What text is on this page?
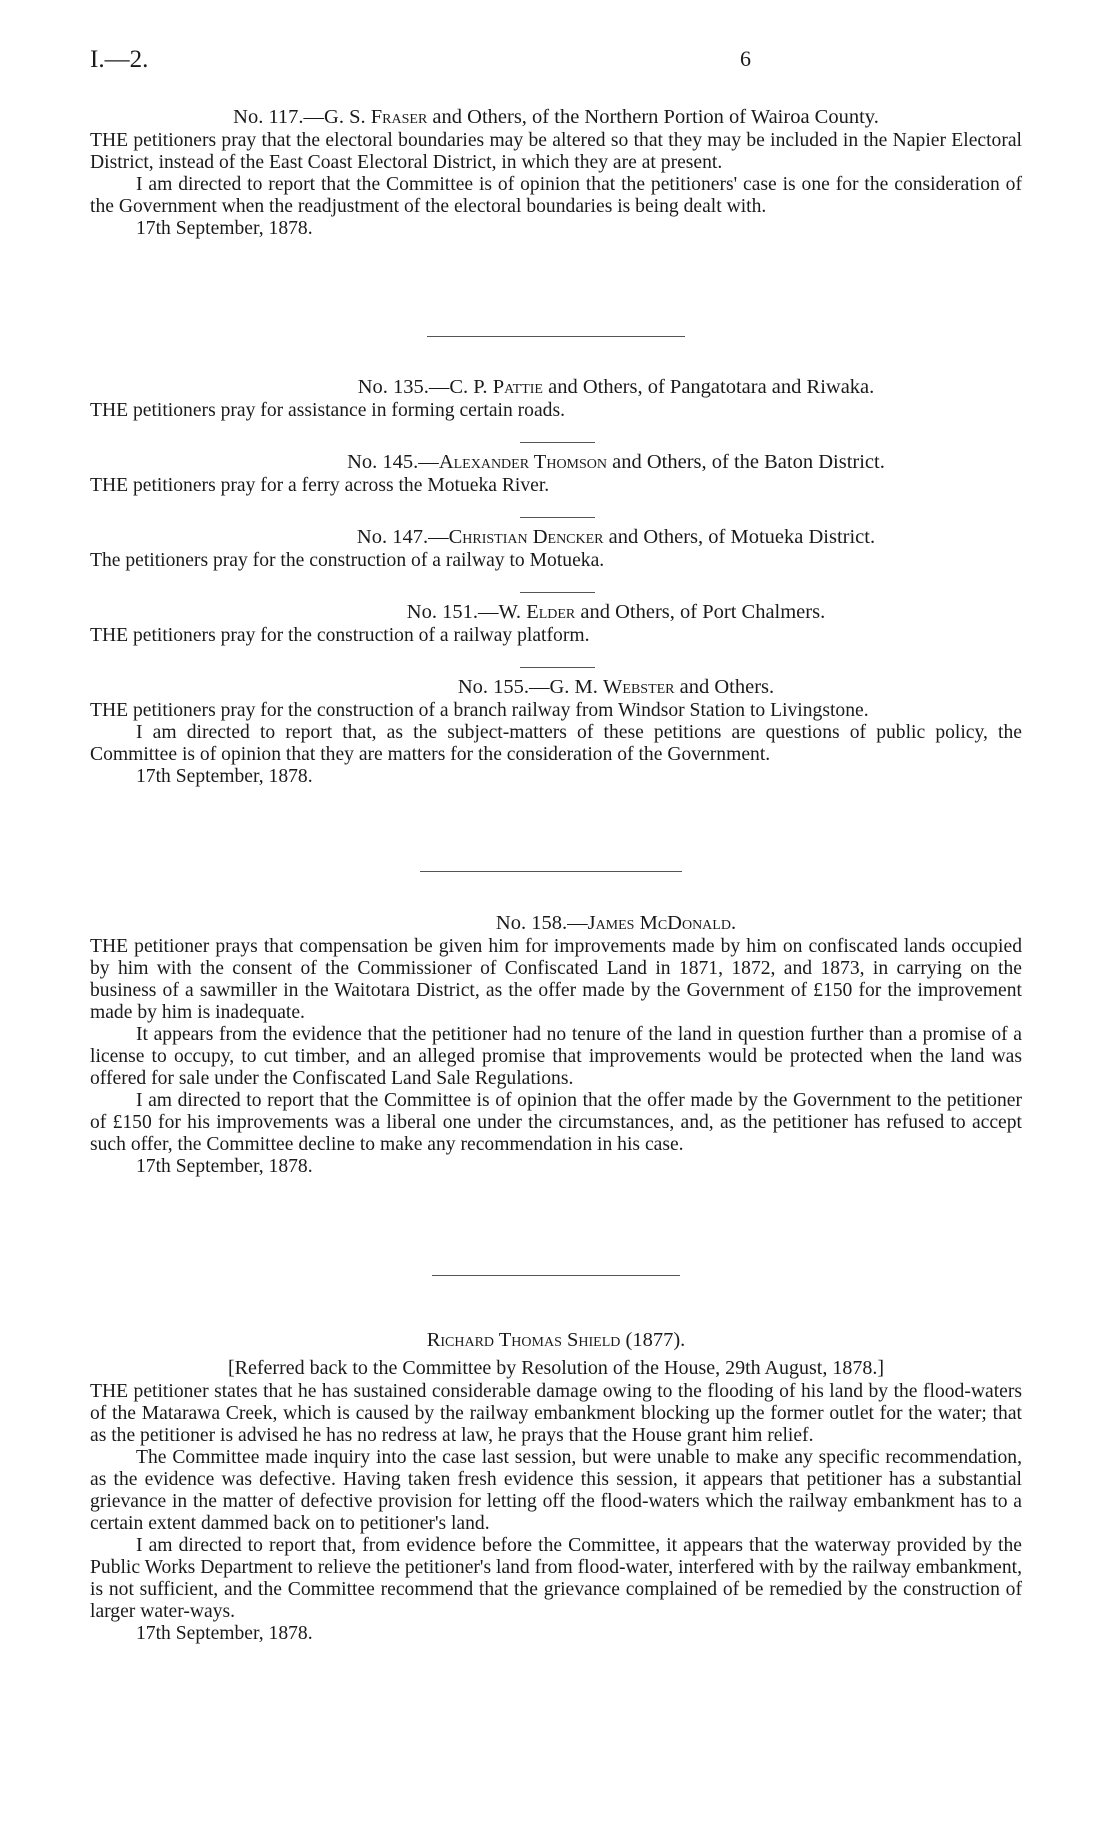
I.—2.	6
No. 117.—G. S. Fraser and Others, of the Northern Portion of Wairoa County.

THE petitioners pray that the electoral boundaries may be altered so that they may be included in the Napier Electoral District, instead of the East Coast Electoral District, in which they are at present.

I am directed to report that the Committee is of opinion that the petitioners' case is one for the consideration of the Government when the readjustment of the electoral boundaries is being dealt with.

17th September, 1878.
No. 135.—C. P. Pattie and Others, of Pangatotara and Riwaka.

THE petitioners pray for assistance in forming certain roads.

No. 145.—Alexander Thomson and Others, of the Baton District.

THE petitioners pray for a ferry across the Motueka River.

No. 147.—Christian Dencker and Others, of Motueka District.

The petitioners pray for the construction of a railway to Motueka.

No. 151.—W. Elder and Others, of Port Chalmers.

THE petitioners pray for the construction of a railway platform.

No. 155.—G. M. Webster and Others.

THE petitioners pray for the construction of a branch railway from Windsor Station to Livingstone.

I am directed to report that, as the subject-matters of these petitions are questions of public policy, the Committee is of opinion that they are matters for the consideration of the Government.

17th September, 1878.
No. 158.—James McDonald.

THE petitioner prays that compensation be given him for improvements made by him on confiscated lands occupied by him with the consent of the Commissioner of Confiscated Land in 1871, 1872, and 1873, in carrying on the business of a sawmiller in the Waitotara District, as the offer made by the Government of £150 for the improvement made by him is inadequate.

It appears from the evidence that the petitioner had no tenure of the land in question further than a promise of a license to occupy, to cut timber, and an alleged promise that improvements would be protected when the land was offered for sale under the Confiscated Land Sale Regulations.

I am directed to report that the Committee is of opinion that the offer made by the Government to the petitioner of £150 for his improvements was a liberal one under the circumstances, and, as the petitioner has refused to accept such offer, the Committee decline to make any recommendation in his case.

17th September, 1878.
Richard Thomas Shield (1877).
[Referred back to the Committee by Resolution of the House, 29th August, 1878.]

THE petitioner states that he has sustained considerable damage owing to the flooding of his land by the flood-waters of the Matarawa Creek, which is caused by the railway embankment blocking up the former outlet for the water; that as the petitioner is advised he has no redress at law, he prays that the House grant him relief.

The Committee made inquiry into the case last session, but were unable to make any specific recommendation, as the evidence was defective. Having taken fresh evidence this session, it appears that petitioner has a substantial grievance in the matter of defective provision for letting off the flood-waters which the railway embankment has to a certain extent dammed back on to petitioner's land.

I am directed to report that, from evidence before the Committee, it appears that the waterway provided by the Public Works Department to relieve the petitioner's land from flood-water, interfered with by the railway embankment, is not sufficient, and the Committee recommend that the grievance complained of be remedied by the construction of larger water-ways.

17th September, 1878.
